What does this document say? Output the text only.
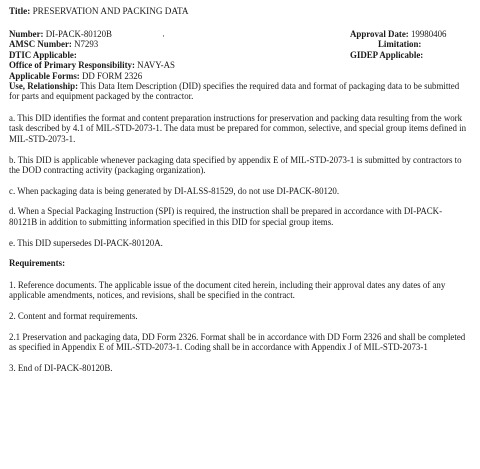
Title: PRESERVATION AND PACKING DATA
Number: DI-PACK-80120B	Approval Date: 19980406
AMSC Number: N7293
·
Limitation:
DTIC Applicable:	GIDEP Applicable:
Office of Primary Responsibility: NAVY-AS
Applicable Forms: DD FORM 2326
Use, Relationship: This Data Item Description (DID) specifies the required data and format of packaging data to be submitted for parts and equipment packaged by the contractor.
a. This DID identifies the format and content preparation instructions for preservation and packing data resulting from the work task described by 4.1 of MIL-STD-2073-1. The data must be prepared for common, selective, and special group items defined in MIL-STD-2073-1.
b. This DID is applicable whenever packaging data specified by appendix E of MIL-STD-2073-1 is submitted by contractors to the DOD contracting activity (packaging organization).
c. When packaging data is being generated by DI-ALSS-81529, do not use DI-PACK-80120.
d. When a Special Packaging Instruction (SPI) is required, the instruction shall be prepared in accordance with DI-PACK-80121B in addition to submitting information specified in this DID for special group items.
e. This DID supersedes DI-PACK-80120A.
Requirements:
1. Reference documents. The applicable issue of the document cited herein, including their approval dates any dates of any applicable amendments, notices, and revisions, shall be specified in the contract.
2. Content and format requirements.
2.1 Preservation and packaging data, DD Form 2326. Format shall be in accordance with DD Form 2326 and shall be completed as specified in Appendix E of MIL-STD-2073-1. Coding shall be in accordance with Appendix J of MIL-STD-2073-1
3. End of DI-PACK-80120B.
